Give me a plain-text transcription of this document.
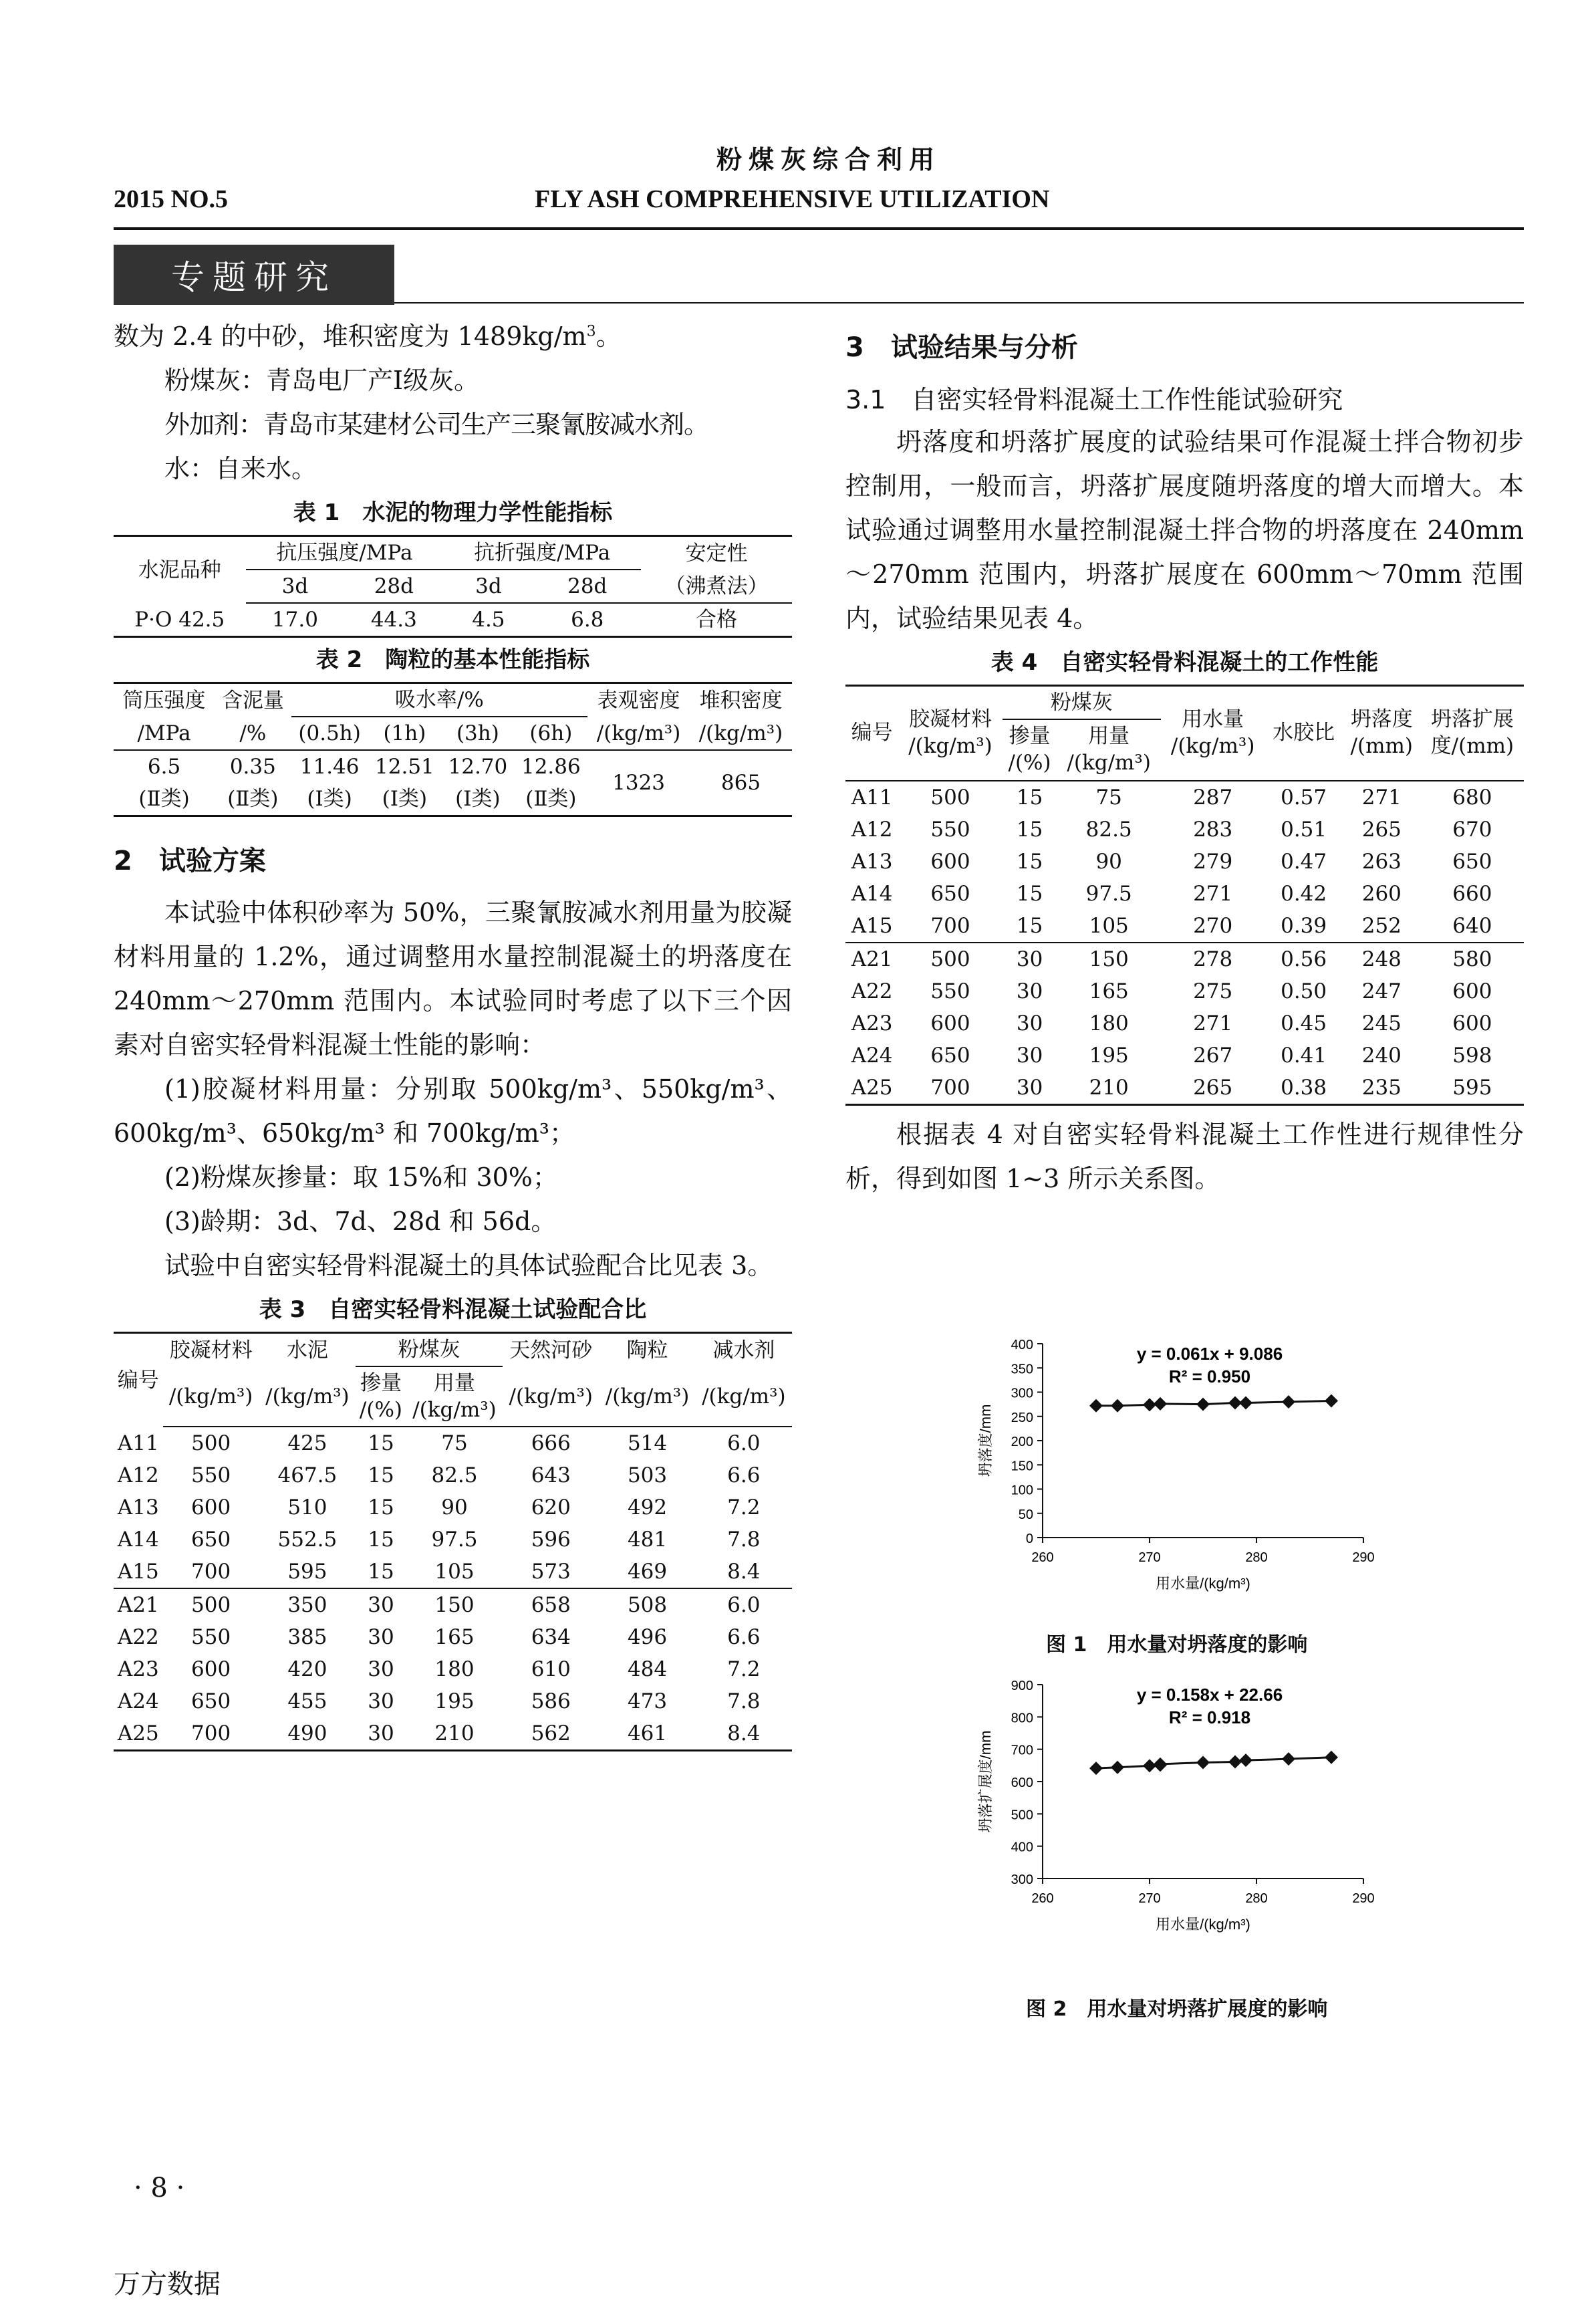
粉煤灰综合利用
2015 NO.5	FLY ASH COMPREHENSIVE UTILIZATION
专题研究

数为 2.4 的中砂，堆积密度为 $1489kg/m^3$。

粉煤灰：青岛电厂产Ⅰ级灰。

外加剂：青岛市某建材公司生产三聚氰胺减水剂。

水：自来水。

表 1　水泥的物理力学性能指标
水泥品种	抗压强度/MPa		抗折强度/MPa		安定性
	3d	28d	3d	28d	（沸煮法）
P·O 42.5	17.0	44.3	4.5	6.8	合格
表 2　陶粒的基本性能指标
筒压强度	含泥量	吸水率/%				表观密度	堆积密度
/MPa	/%	(0.5h)	(1h)	(3h)	(6h)	/(kg/m³)	/(kg/m³)
6.5	0.35	11.46	12.51	12.70	12.86	1323	865
(Ⅱ类)	(Ⅱ类)	(Ⅰ类)	(Ⅰ类)	(Ⅰ类)	(Ⅱ类)		
2　试验方案

本试验中体积砂率为 50%，三聚氰胺减水剂用量为胶凝材料用量的 1.2%，通过调整用水量控制混凝土的坍落度在 240mm～270mm 范围内。本试验同时考虑了以下三个因素对自密实轻骨料混凝土性能的影响：

(1)胶凝材料用量：分别取 500kg/m³、550kg/m³、600kg/m³、650kg/m³ 和 700kg/m³；

(2)粉煤灰掺量：取 15%和 30%；

(3)龄期：3d、7d、28d 和 56d。

试验中自密实轻骨料混凝土的具体试验配合比见表 3。

表 3　自密实轻骨料混凝土试验配合比
编号	胶凝材料	水泥	粉煤灰		天然河砂	陶粒	减水剂
	/(kg/m³)	/(kg/m³)	掺量
/(%)	用量
/(kg/m³)	/(kg/m³)	/(kg/m³)	/(kg/m³)
A11	500	425	15	75	666	514	6.0
A12	550	467.5	15	82.5	643	503	6.6
A13	600	510	15	90	620	492	7.2
A14	650	552.5	15	97.5	596	481	7.8
A15	700	595	15	105	573	469	8.4
A21	500	350	30	150	658	508	6.0
A22	550	385	30	165	634	496	6.6
A23	600	420	30	180	610	484	7.2
A24	650	455	30	195	586	473	7.8
A25	700	490	30	210	562	461	8.4
3　试验结果与分析
3.1　自密实轻骨料混凝土工作性能试验研究

坍落度和坍落扩展度的试验结果可作混凝土拌合物初步控制用，一般而言，坍落扩展度随坍落度的增大而增大。本试验通过调整用水量控制混凝土拌合物的坍落度在 240mm～270mm 范围内，坍落扩展度在 600mm～70mm 范围内，试验结果见表 4。

表 4　自密实轻骨料混凝土的工作性能
编号	胶凝材料
/(kg/m³)	粉煤灰		用水量
/(kg/m³)	水胶比	坍落度
/(mm)	坍落扩展
度/(mm)
		掺量
/(%)	用量
/(kg/m³)				

A11	500	15	75	287	0.57	271	680
A12	550	15	82.5	283	0.51	265	670
A13	600	15	90	279	0.47	263	650
A14	650	15	97.5	271	0.42	260	660
A15	700	15	105	270	0.39	252	640
A21	500	30	150	278	0.56	248	580
A22	550	30	165	275	0.50	247	600
A23	600	30	180	271	0.45	245	600
A24	650	30	195	267	0.41	240	598
A25	700	30	210	265	0.38	235	595

根据表 4 对自密实轻骨料混凝土工作性进行规律性分析，得到如图 1~3 所示关系图。

0
50
100
150
200
250
300
350
400
260	270	280	290
y = 0.061x + 9.086
R² = 0.950
用水量/(kg/m³)
坍落度/mm
图 1　用水量对坍落度的影响
300
400
500
600
700
800
900
260	270	280	290
y = 0.158x + 22.66
R² = 0.918
用水量/(kg/m³)
坍落扩展度/mm
图 2　用水量对坍落扩展度的影响
· 8 ·
万方数据
